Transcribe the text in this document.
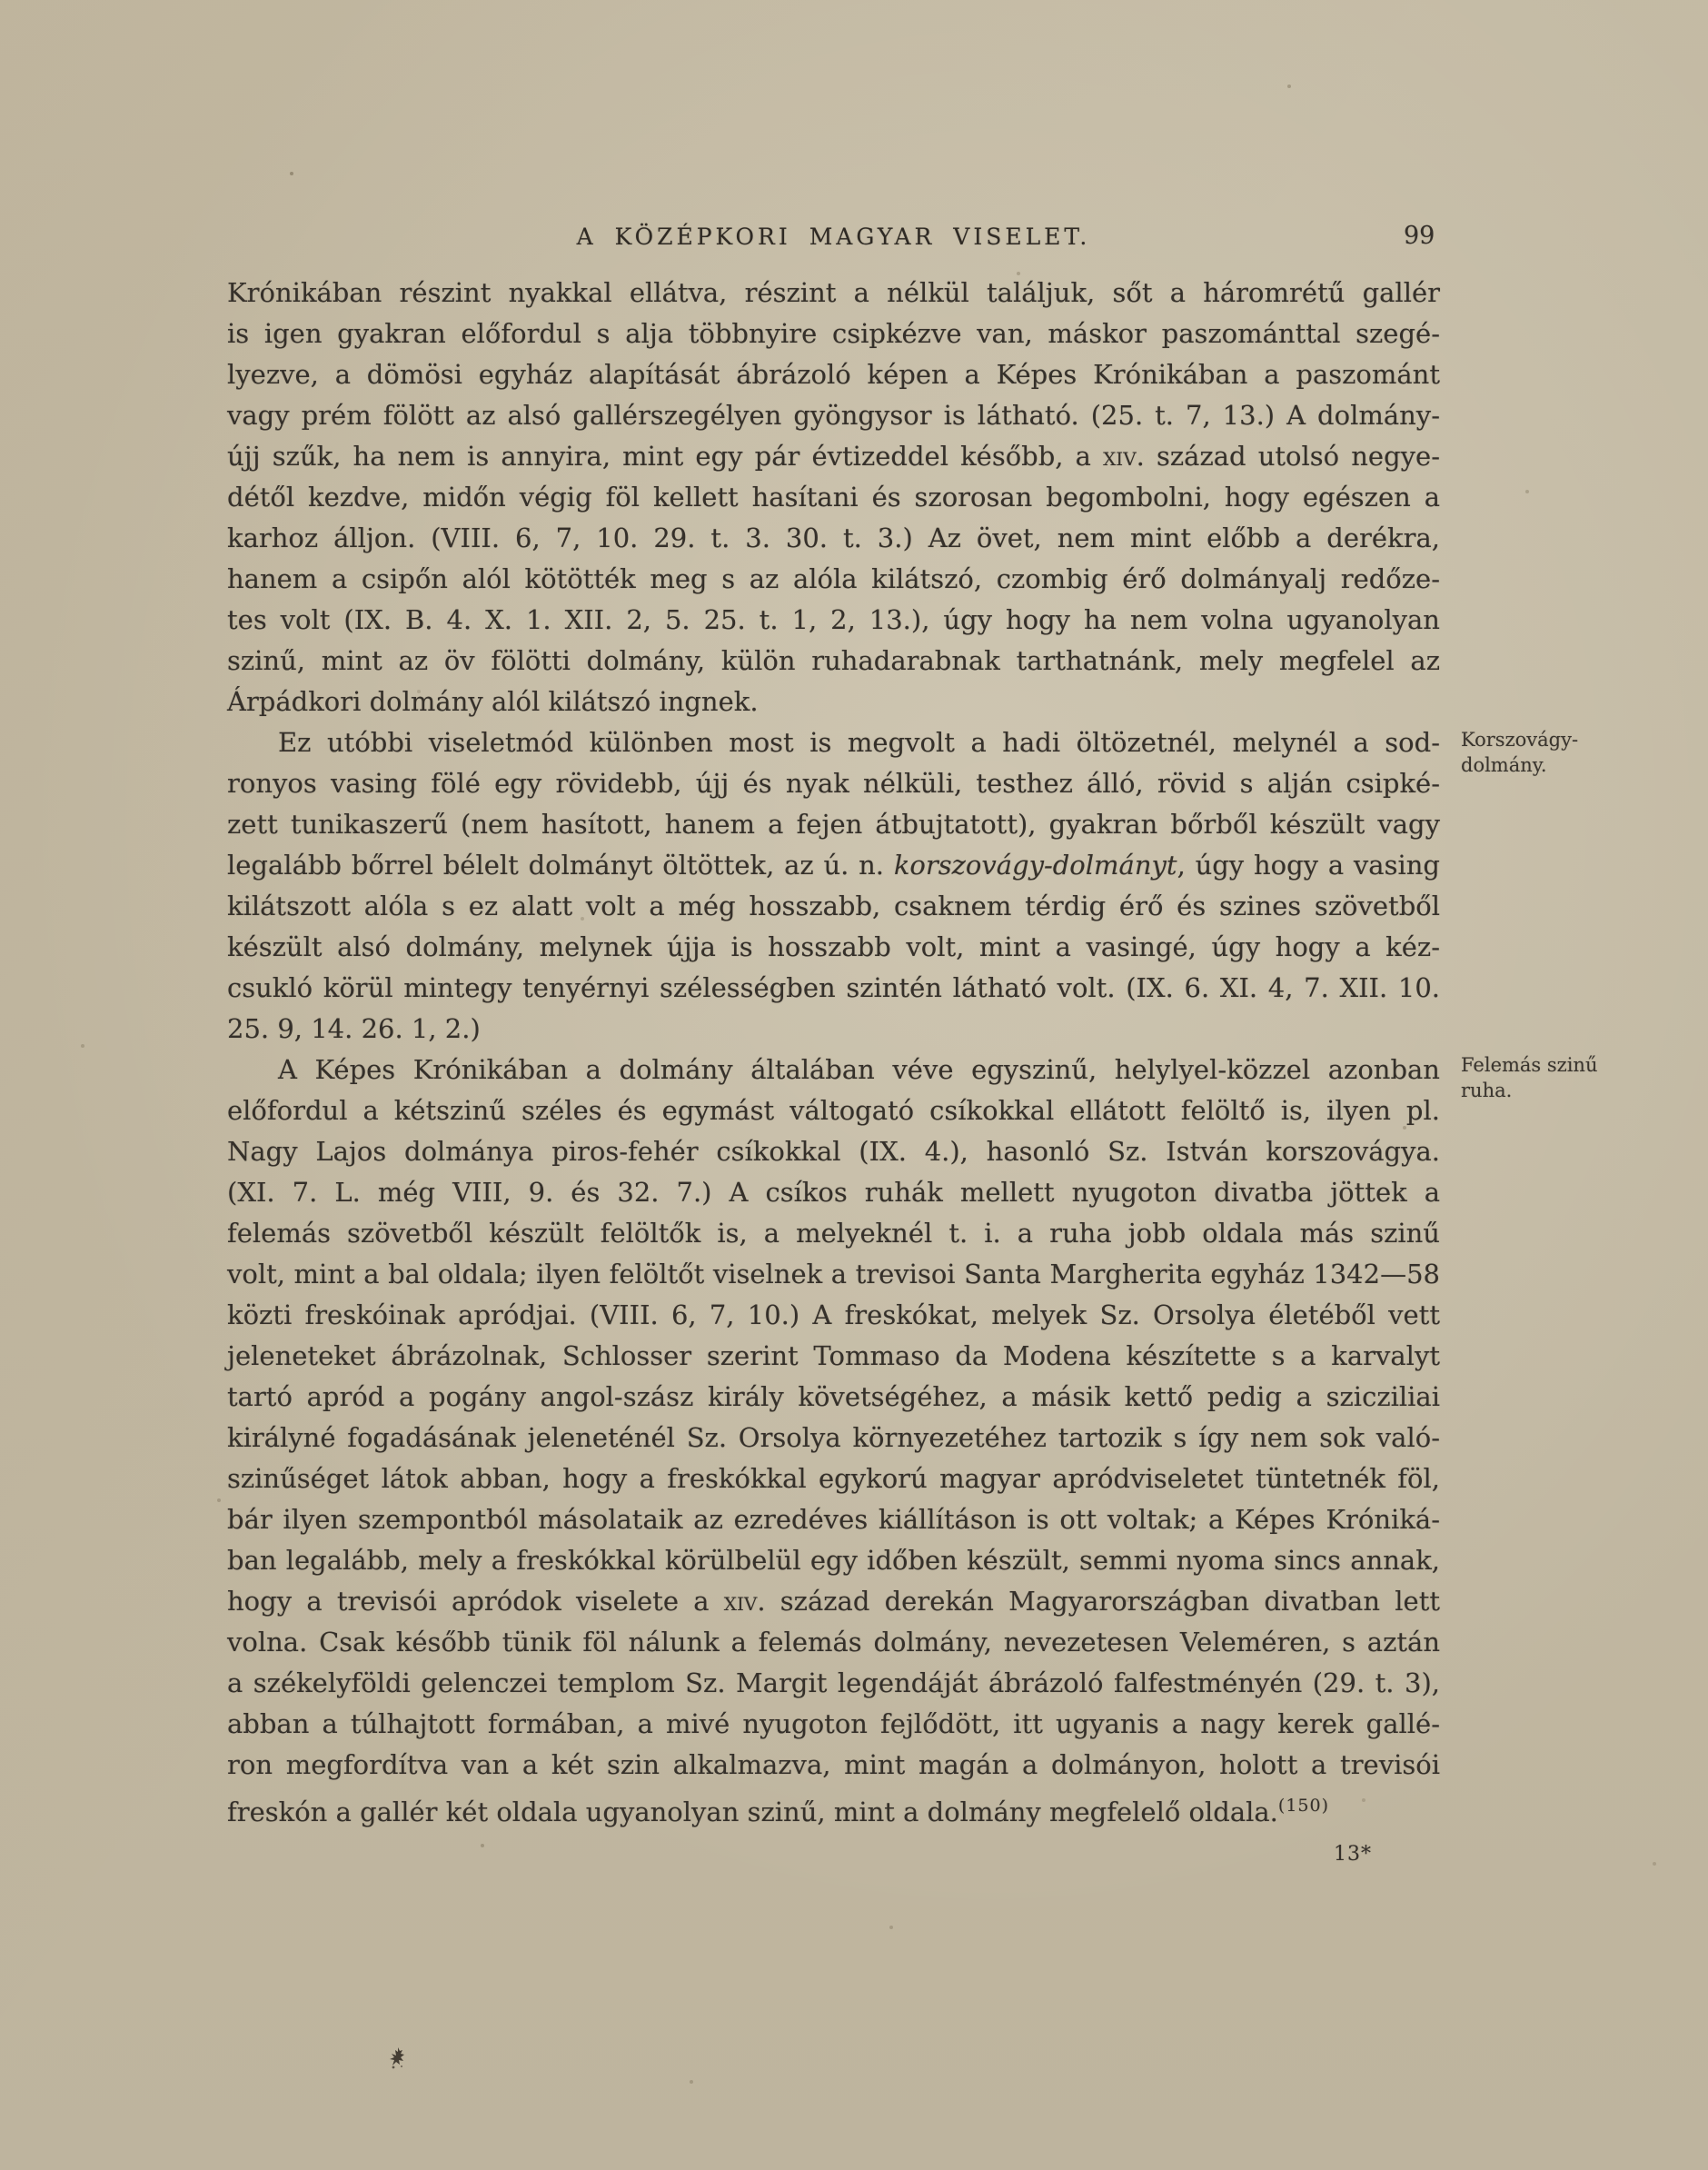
A KÖZÉPKORI MAGYAR VISELET.	99
Krónikában részint nyakkal ellátva, részint a nélkül találjuk, sőt a háromrétű gallér
is igen gyakran előfordul s alja többnyire csipkézve van, máskor paszománttal szegé-
lyezve, a dömösi egyház alapítását ábrázoló képen a Képes Krónikában a paszománt
vagy prém fölött az alsó gallérszegélyen gyöngysor is látható. (25. t. 7, 13.) A dolmány-
újj szűk, ha nem is annyira, mint egy pár évtizeddel később, a xiv. század utolsó negye-
détől kezdve, midőn végig föl kellett hasítani és szorosan begombolni, hogy egészen a
karhoz álljon. (VIII. 6, 7, 10. 29. t. 3. 30. t. 3.) Az övet, nem mint előbb a derékra,
hanem a csipőn alól kötötték meg s az alóla kilátszó, czombig érő dolmányalj redőze-
tes volt (IX. B. 4. X. 1. XII. 2, 5. 25. t. 1, 2, 13.), úgy hogy ha nem volna ugyanolyan
szinű, mint az öv fölötti dolmány, külön ruhadarabnak tarthatnánk, mely megfelel az
Árpádkori dolmány alól kilátszó ingnek.
Ez utóbbi viseletmód különben most is megvolt a hadi öltözetnél, melynél a sod-
ronyos vasing fölé egy rövidebb, újj és nyak nélküli, testhez álló, rövid s alján csipké-
zett tunikaszerű (nem hasított, hanem a fejen átbujtatott), gyakran bőrből készült vagy
legalább bőrrel bélelt dolmányt öltöttek, az ú. n. korszovágy-dolmányt, úgy hogy a vasing
kilátszott alóla s ez alatt volt a még hosszabb, csaknem térdig érő és szines szövetből
készült alsó dolmány, melynek újja is hosszabb volt, mint a vasingé, úgy hogy a kéz-
csukló körül mintegy tenyérnyi szélességben szintén látható volt. (IX. 6. XI. 4, 7. XII. 10.
25. 9, 14. 26. 1, 2.)
A Képes Krónikában a dolmány általában véve egyszinű, helylyel-közzel azonban
előfordul a kétszinű széles és egymást váltogató csíkokkal ellátott felöltő is, ilyen pl.
Nagy Lajos dolmánya piros-fehér csíkokkal (IX. 4.), hasonló Sz. István korszovágya.
(XI. 7. L. még VIII, 9. és 32. 7.) A csíkos ruhák mellett nyugoton divatba jöttek a
felemás szövetből készült felöltők is, a melyeknél t. i. a ruha jobb oldala más szinű
volt, mint a bal oldala; ilyen felöltőt viselnek a trevisoi Santa Margherita egyház 1342—58
közti freskóinak apródjai. (VIII. 6, 7, 10.) A freskókat, melyek Sz. Orsolya életéből vett
jeleneteket ábrázolnak, Schlosser szerint Tommaso da Modena készítette s a karvalyt
tartó apród a pogány angol-szász király követségéhez, a másik kettő pedig a szicziliai
királyné fogadásának jeleneténél Sz. Orsolya környezetéhez tartozik s így nem sok való-
szinűséget látok abban, hogy a freskókkal egykorú magyar apródviseletet tüntetnék föl,
bár ilyen szempontból másolataik az ezredéves kiállításon is ott voltak; a Képes Króniká-
ban legalább, mely a freskókkal körülbelül egy időben készült, semmi nyoma sincs annak,
hogy a trevisói apródok viselete a xiv. század derekán Magyarországban divatban lett
volna. Csak később tünik föl nálunk a felemás dolmány, nevezetesen Veleméren, s aztán
a székelyföldi gelenczei templom Sz. Margit legendáját ábrázoló falfestményén (29. t. 3),
abban a túlhajtott formában, a mivé nyugoton fejlődött, itt ugyanis a nagy kerek gallé-
ron megfordítva van a két szin alkalmazva, mint magán a dolmányon, holott a trevisói
freskón a gallér két oldala ugyanolyan szinű, mint a dolmány megfelelő oldala.$^{(150)}$
Korszovágy-
dolmány.
Felemás szinű
ruha.
13*
